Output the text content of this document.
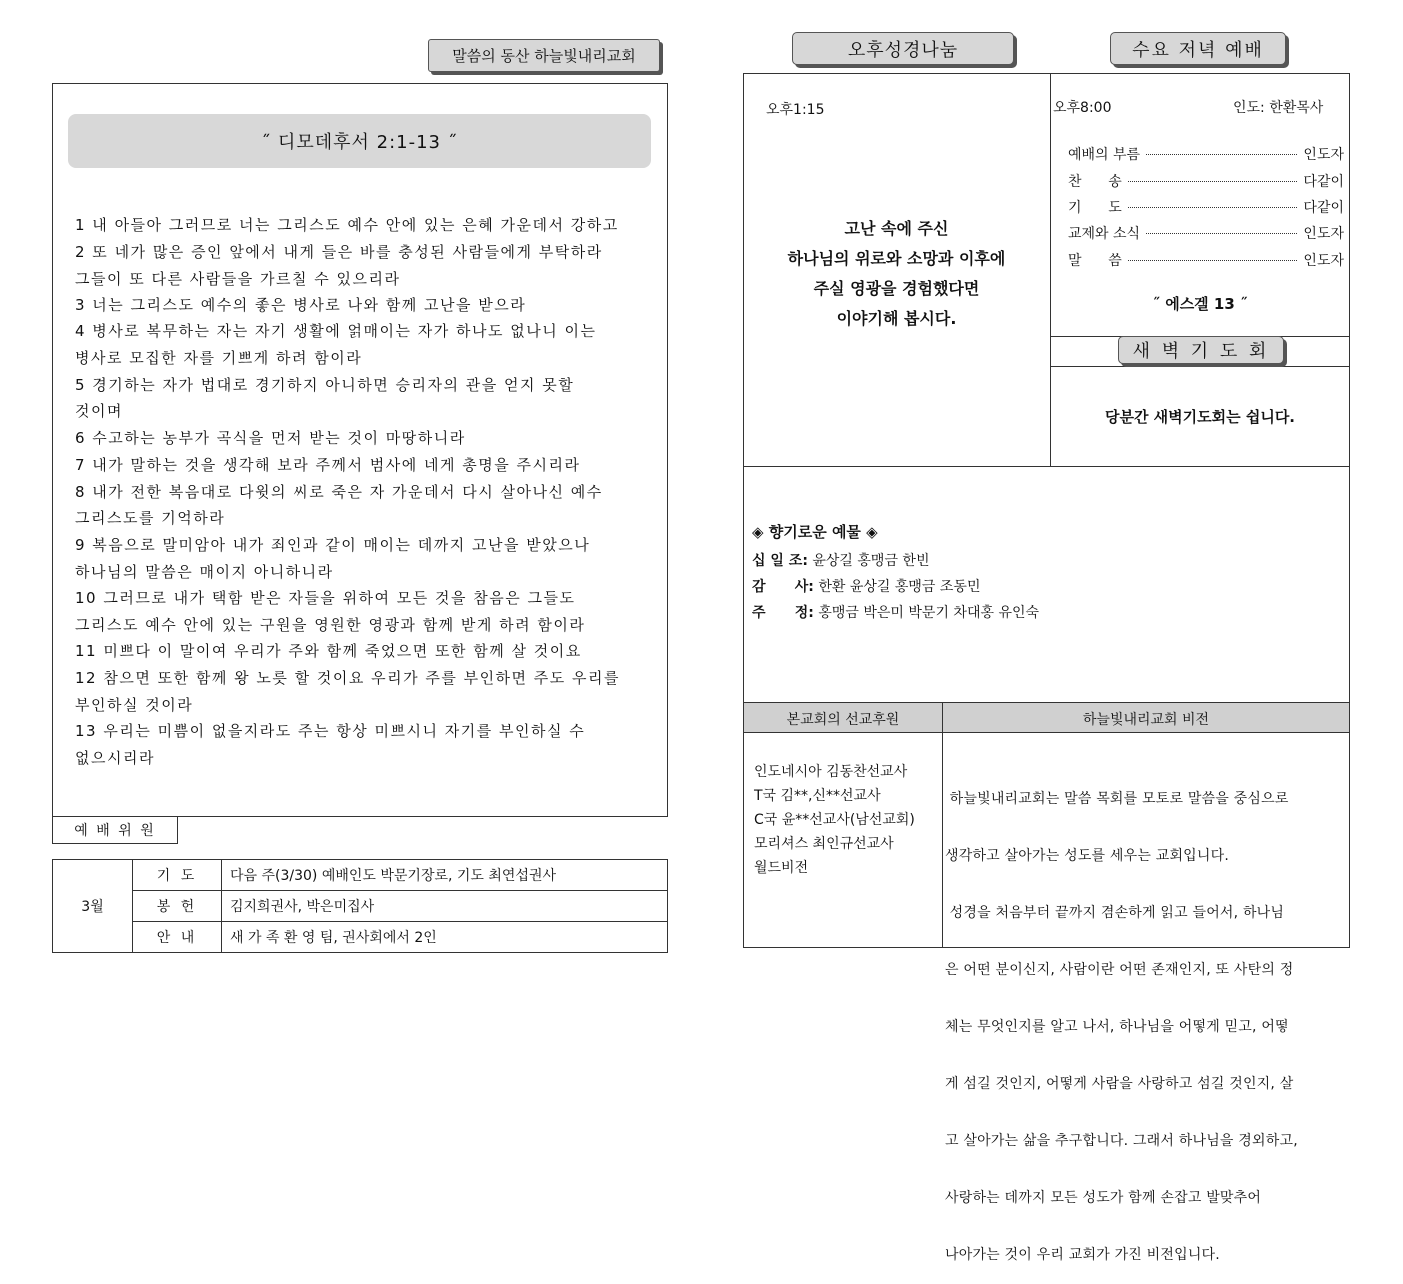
말씀의 동산 하늘빛내리교회
˝ 디모데후서 2:1-13 ˝
1 내 아들아 그러므로 너는 그리스도 예수 안에 있는 은혜 가운데서 강하고
2 또 네가 많은 증인 앞에서 내게 들은 바를 충성된 사람들에게 부탁하라
그들이 또 다른 사람들을 가르칠 수 있으리라
3 너는 그리스도 예수의 좋은 병사로 나와 함께 고난을 받으라
4 병사로 복무하는 자는 자기 생활에 얽매이는 자가 하나도 없나니 이는
병사로 모집한 자를 기쁘게 하려 함이라
5 경기하는 자가 법대로 경기하지 아니하면 승리자의 관을 얻지 못할
것이며
6 수고하는 농부가 곡식을 먼저 받는 것이 마땅하니라
7 내가 말하는 것을 생각해 보라 주께서 범사에 네게 총명을 주시리라
8 내가 전한 복음대로 다윗의 씨로 죽은 자 가운데서 다시 살아나신 예수
그리스도를 기억하라
9 복음으로 말미암아 내가 죄인과 같이 매이는 데까지 고난을 받았으나
하나님의 말씀은 매이지 아니하니라
10 그러므로 내가 택함 받은 자들을 위하여 모든 것을 참음은 그들도
그리스도 예수 안에 있는 구원을 영원한 영광과 함께 받게 하려 함이라
11 미쁘다 이 말이여 우리가 주와 함께 죽었으면 또한 함께 살 것이요
12 참으면 또한 함께 왕 노릇 할 것이요 우리가 주를 부인하면 주도 우리를
부인하실 것이라
13 우리는 미쁨이 없을지라도 주는 항상 미쁘시니 자기를 부인하실 수
없으시리라
예 배 위 원
3월	기 도	다음 주(3/30) 예배인도 박문기장로, 기도 최연섭권사
	봉 헌	김지희권사, 박은미집사
	안 내	새 가 족 환 영 팀, 권사회에서 2인
오후성경나눔	수요 저녁 예배
오후1:15
고난 속에 주신
하나님의 위로와 소망과 이후에
주실 영광을 경험했다면
이야기해 봅시다.
오후8:00	인도: 한환목사
예배의 부름	인도자
찬      송	다같이
기      도	다같이
교제와 소식	인도자
말      씀	인도자
˝ 에스겔 13 ˝
새 벽 기 도 회
당분간 새벽기도회는 쉽니다.
◈ 향기로운 예물 ◈
십 일 조: 윤상길 홍맹금 한빈
감      사: 한환 윤상길 홍맹금 조동민
주      정: 홍맹금 박은미 박문기 차대홍 유인숙
본교회의 선교후원	하늘빛내리교회 비전
인도네시아 김동찬선교사
T국 김**,신**선교사
C국 윤**선교사(남선교회)
모리셔스 최인규선교사
월드비전

하늘빛내리교회는 말씀 목회를 모토로 말씀을 중심으로

생각하고 살아가는 성도를 세우는 교회입니다.

성경을 처음부터 끝까지 겸손하게 읽고 들어서, 하나님

은 어떤 분이신지, 사람이란 어떤 존재인지, 또 사탄의 정

체는 무엇인지를 알고 나서, 하나님을 어떻게 믿고, 어떻

게 섬길 것인지, 어떻게 사람을 사랑하고 섬길 것인지, 살

고 살아가는 삶을 추구합니다. 그래서 하나님을 경외하고,

사랑하는 데까지 모든 성도가 함께 손잡고 발맞추어

나아가는 것이 우리 교회가 가진 비전입니다.
